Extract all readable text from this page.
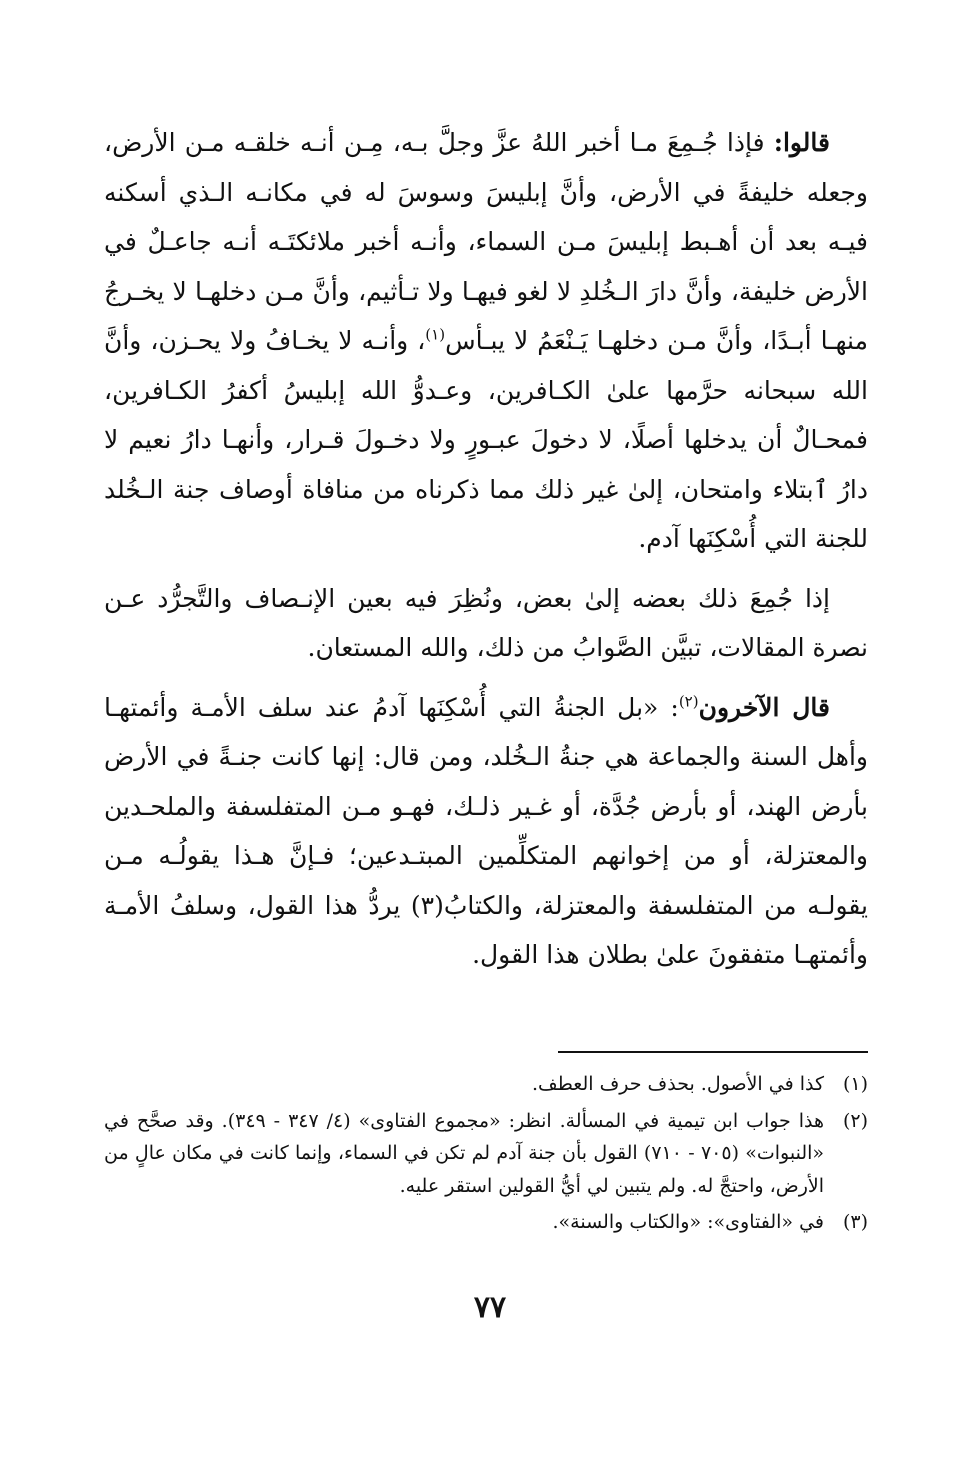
قالوا: فإذا جُـمِعَ مـا أخبر اللهُ عزَّ وجلَّ بـه، مِـن أنـه خلقـه مـن الأرض، وجعله خليفةً في الأرض، وأنَّ إبليسَ وسوسَ له في مكانـه الـذي أسكنه فيـه بعد أن أهـبط إبليسَ مـن السماء، وأنـه أخبر ملائكتَـه أنـه جاعـلٌ في الأرض خليفة، وأنَّ دارَ الـخُلدِ لا لغو فيهـا ولا تـأثيم، وأنَّ مـن دخلهـا لا يخـرجُ منهـا أبـدًا، وأنَّ مـن دخلهـا يَـنْعَمُ لا يبـأس$^{(١)}$، وأنـه لا يخـافُ ولا يحـزن، وأنَّ الله سبحانه حرَّمها علىٰ الكـافرين، وعـدوُّ الله إبليسُ أكفرُ الكـافرين، فمحـالٌ أن يدخلها أصلًا، لا دخولَ عبـورٍ ولا دخـولَ قـرار، وأنهـا دارُ نعيم لا دارُ ٱبتلاء وامتحان، إلىٰ غير ذلك مما ذكرناه من منافاة أوصاف جنة الـخُلد للجنة التي أُسْكِنَها آدم.

إذا جُمِعَ ذلك بعضه إلىٰ بعض، ونُظِرَ فيه بعين الإنـصاف والتَّجرُّد عـن نصرة المقالات، تبيَّن الصَّوابُ من ذلك، والله المستعان.

قال الآخرون$^{(٢)}$: «بل الجنةُ التي أُسْكِنَها آدمُ عند سلف الأمـة وأئمتهـا وأهل السنة والجماعة هي جنةُ الـخُلد، ومن قال: إنها كانت جنـةً في الأرض بأرض الهند، أو بأرض جُدَّة، أو غـير ذلـك، فهـو مـن المتفلسفة والملحـدين والمعتزلة، أو من إخوانهم المتكلِّمين المبتـدعين؛ فـإنَّ هـذا يقولُـه مـن يقولـه من المتفلسفة والمعتزلة، والكتابُ(٣) يردُّ هذا القول، وسلفُ الأمـة وأئمتهـا متفقونَ علىٰ بطلان هذا القول.

(١)
كذا في الأصول. بحذف حرف العطف.
(٢)
هذا جواب ابن تيمية في المسألة. انظر: «مجموع الفتاوى» (٤/ ٣٤٧ - ٣٤٩). وقد صحَّح في «النبوات» (٧٠٥ - ٧١٠) القول بأن جنة آدم لم تكن في السماء، وإنما كانت في مكان عالٍ من الأرض، واحتجَّ له. ولم يتبين لي أيُّ القولين استقر عليه.
(٣)
في «الفتاوى»: «والكتاب والسنة».
٧٧
